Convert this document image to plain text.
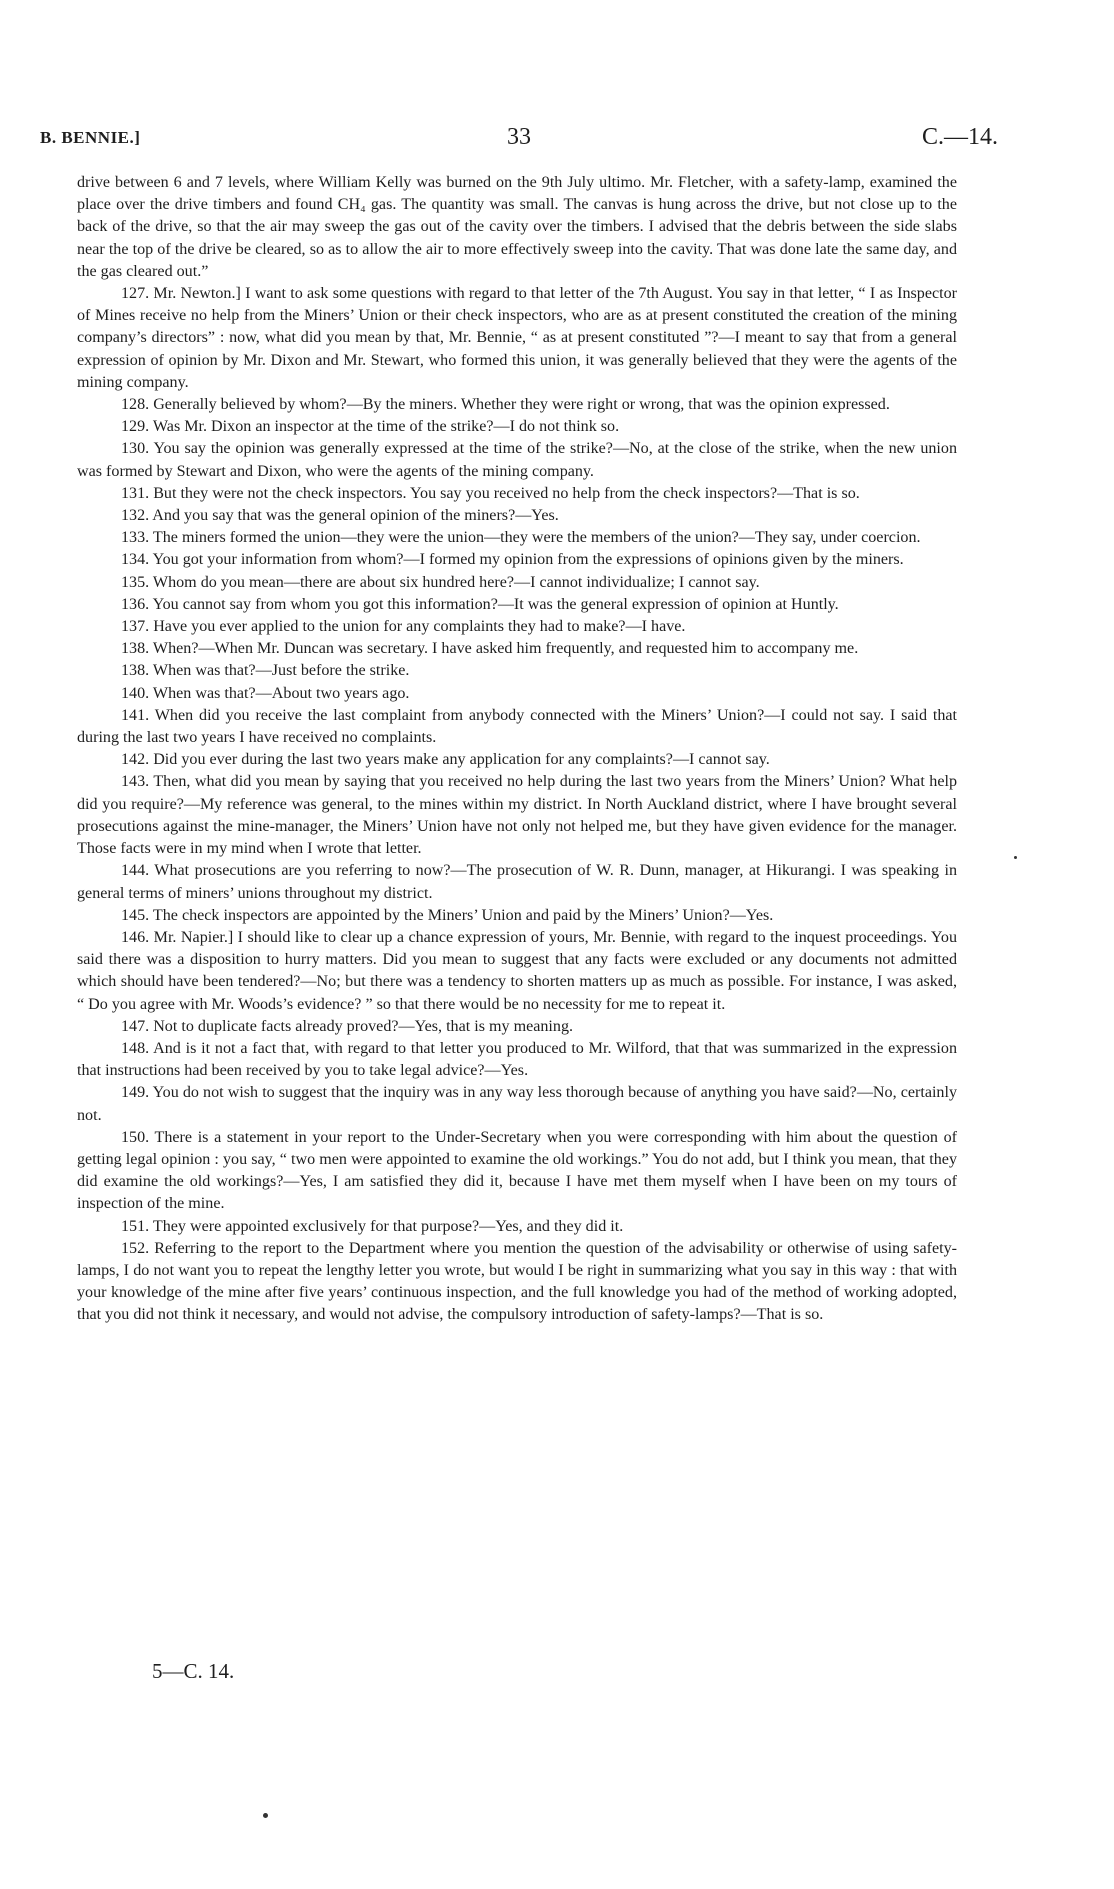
B. BENNIE.]	33	C.—14.

drive between 6 and 7 levels, where William Kelly was burned on the 9th July ultimo. Mr. Fletcher, with a safety-lamp, examined the place over the drive timbers and found CH₄ gas. The quantity was small. The canvas is hung across the drive, but not close up to the back of the drive, so that the air may sweep the gas out of the cavity over the timbers. I advised that the debris between the side slabs near the top of the drive be cleared, so as to allow the air to more effectively sweep into the cavity. That was done late the same day, and the gas cleared out.”

127. Mr. Newton.] I want to ask some questions with regard to that letter of the 7th August. You say in that letter, “ I as Inspector of Mines receive no help from the Miners’ Union or their check inspectors, who are as at present constituted the creation of the mining company’s directors” : now, what did you mean by that, Mr. Bennie, “ as at present constituted ”?—I meant to say that from a general expression of opinion by Mr. Dixon and Mr. Stewart, who formed this union, it was generally believed that they were the agents of the mining company.

128. Generally believed by whom?—By the miners. Whether they were right or wrong, that was the opinion expressed.

129. Was Mr. Dixon an inspector at the time of the strike?—I do not think so.

130. You say the opinion was generally expressed at the time of the strike?—No, at the close of the strike, when the new union was formed by Stewart and Dixon, who were the agents of the mining company.

131. But they were not the check inspectors. You say you received no help from the check inspectors?—That is so.

132. And you say that was the general opinion of the miners?—Yes.

133. The miners formed the union—they were the union—they were the members of the union?—They say, under coercion.

134. You got your information from whom?—I formed my opinion from the expressions of opinions given by the miners.

135. Whom do you mean—there are about six hundred here?—I cannot individualize; I cannot say.

136. You cannot say from whom you got this information?—It was the general expression of opinion at Huntly.

137. Have you ever applied to the union for any complaints they had to make?—I have.

138. When?—When Mr. Duncan was secretary. I have asked him frequently, and requested him to accompany me.

138. When was that?—Just before the strike.

140. When was that?—About two years ago.

141. When did you receive the last complaint from anybody connected with the Miners’ Union?—I could not say. I said that during the last two years I have received no complaints.

142. Did you ever during the last two years make any application for any complaints?—I cannot say.

143. Then, what did you mean by saying that you received no help during the last two years from the Miners’ Union? What help did you require?—My reference was general, to the mines within my district. In North Auckland district, where I have brought several prosecutions against the mine-manager, the Miners’ Union have not only not helped me, but they have given evidence for the manager. Those facts were in my mind when I wrote that letter.

144. What prosecutions are you referring to now?—The prosecution of W. R. Dunn, manager, at Hikurangi. I was speaking in general terms of miners’ unions throughout my district.

145. The check inspectors are appointed by the Miners’ Union and paid by the Miners’ Union?—Yes.

146. Mr. Napier.] I should like to clear up a chance expression of yours, Mr. Bennie, with regard to the inquest proceedings. You said there was a disposition to hurry matters. Did you mean to suggest that any facts were excluded or any documents not admitted which should have been tendered?—No; but there was a tendency to shorten matters up as much as possible. For instance, I was asked, “ Do you agree with Mr. Woods’s evidence? ” so that there would be no necessity for me to repeat it.

147. Not to duplicate facts already proved?—Yes, that is my meaning.

148. And is it not a fact that, with regard to that letter you produced to Mr. Wilford, that that was summarized in the expression that instructions had been received by you to take legal advice?—Yes.

149. You do not wish to suggest that the inquiry was in any way less thorough because of anything you have said?—No, certainly not.

150. There is a statement in your report to the Under-Secretary when you were corresponding with him about the question of getting legal opinion : you say, “ two men were appointed to examine the old workings.” You do not add, but I think you mean, that they did examine the old workings?—Yes, I am satisfied they did it, because I have met them myself when I have been on my tours of inspection of the mine.

151. They were appointed exclusively for that purpose?—Yes, and they did it.

152. Referring to the report to the Department where you mention the question of the advisability or otherwise of using safety-lamps, I do not want you to repeat the lengthy letter you wrote, but would I be right in summarizing what you say in this way : that with your knowledge of the mine after five years’ continuous inspection, and the full knowledge you had of the method of working adopted, that you did not think it necessary, and would not advise, the compulsory introduction of safety-lamps?—That is so.

5—C. 14.
